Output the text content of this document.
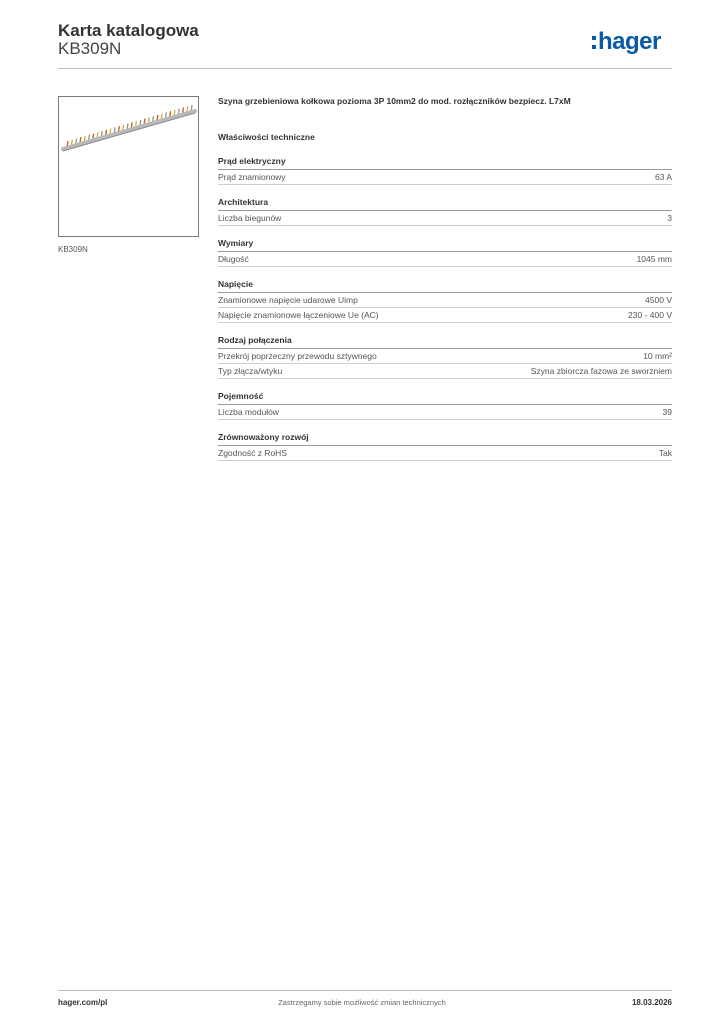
Karta katalogowa
KB309N	hager
KB309N
Szyna grzebieniowa kołkowa pozioma 3P 10mm2 do mod. rozłączników bezpiecz. L7xM
Właściwości techniczne
Prąd elektryczny
Prąd znamionowy	63 A
Architektura
Liczba biegunów	3
Wymiary
Długość	1045 mm
Napięcie
Znamionowe napięcie udarowe Uimp	4500 V
Napięcie znamionowe łączeniowe Ue (AC)	230 - 400 V
Rodzaj połączenia
Przekrój poprzeczny przewodu sztywnego	10 mm²
Typ złącza/wtyku	Szyna zbiorcza fazowa ze sworzniem
Pojemność
Liczba modułów	39
Zrównoważony rozwój
Zgodność z RoHS	Tak
hager.com/pl	Zastrzegamy sobie możliwość zmian technicznych	18.03.2026
